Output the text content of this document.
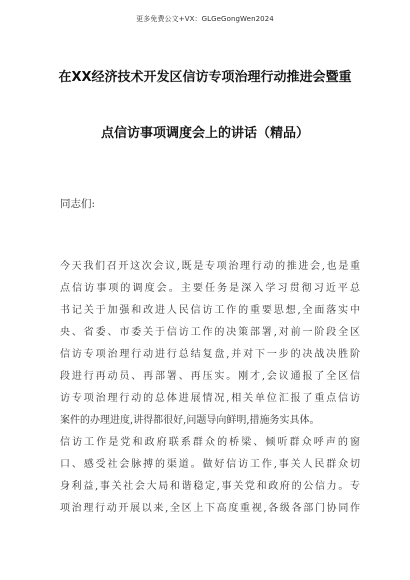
更多免费公文+VX：GLGeGongWen2024
在XX经济技术开发区信访专项治理行动推进会暨重
点信访事项调度会上的讲话（精品）
同志们:
今天我们召开这次会议,既是专项治理行动的推进会,也是重
点信访事项的调度会。主要任务是深入学习贯彻习近平总
书记关于加强和改进人民信访工作的重要思想,全面落实中
央、省委、市委关于信访工作的决策部署,对前一阶段全区
信访专项治理行动进行总结复盘,并对下一步的决战决胜阶
段进行再动员、再部署、再压实。刚才,会议通报了全区信
访专项治理行动的总体进展情况,相关单位汇报了重点信访
案件的办理进度,讲得都很好,问题导向鲜明,措施务实具体。
信访工作是党和政府联系群众的桥梁、倾听群众呼声的窗
口、感受社会脉搏的渠道。做好信访工作,事关人民群众切
身利益,事关社会大局和谐稳定,事关党和政府的公信力。专
项治理行动开展以来,全区上下高度重视,各级各部门协同作
